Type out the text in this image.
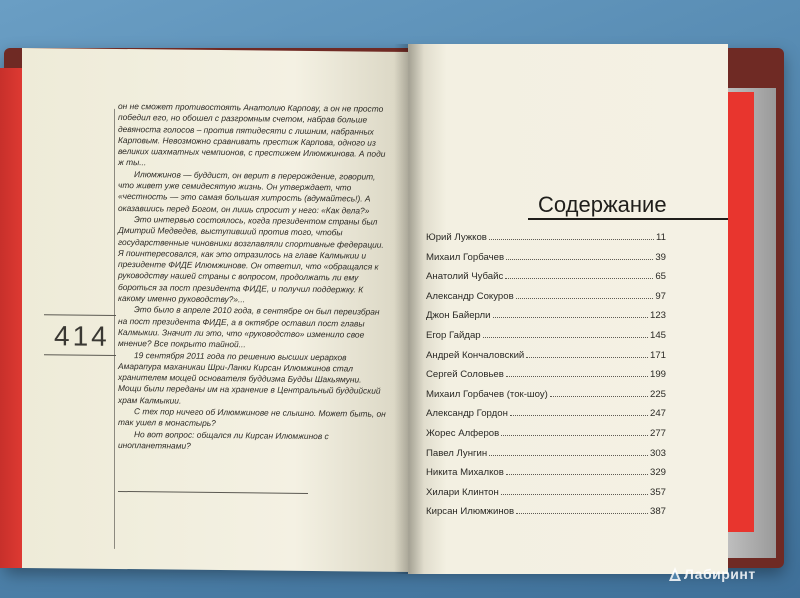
414

он не сможет противостоять Анатолию Карпову, а он не просто победил его, но обошел с разгромным счетом, набрав больше девяноста голосов – против пятидесяти с лишним, набранных Карповым. Невозможно сравнивать престиж Карпова, одного из великих шахматных чемпионов, с престижем Илюмжинова. А поди ж ты...

Илюмжинов — буддист, он верит в перерождение, говорит, что живет уже семидесятую жизнь. Он утверждает, что «честность — это самая большая хитрость (вдумайтесь!). А оказавшись перед Богом, он лишь спросит у него: «Как дела?»

Это интервью состоялось, когда президентом страны был Дмитрий Медведев, выступивший против того, чтобы государственные чиновники возглавляли спортивные федерации. Я поинтересовался, как это отразилось на главе Калмыкии и президенте ФИДЕ Илюмжинове. Он ответил, что «обращался к руководству нашей страны с вопросом, продолжать ли ему бороться за пост президента ФИДЕ, и получил поддержку. К какому именно руководству?»...

Это было в апреле 2010 года, в сентябре он был переизбран на пост президента ФИДЕ, а в октябре оставил пост главы Калмыкии. Значит ли это, что «руководство» изменило свое мнение? Все покрыто тайной...

19 сентября 2011 года по решению высших иерархов Амарапура маханикаи Шри-Ланки Кирсан Илюмжинов стал хранителем мощей основателя буддизма Будды Шакьямуни. Мощи были переданы им на хранение в Центральный буддийский храм Калмыкии.

С тех пор ничего об Илюмжинове не слышно. Может быть, он так ушел в монастырь?

Но вот вопрос: общался ли Кирсан Илюмжинов с инопланетянами?

Содержание
Юрий Лужков	11
Михаил Горбачев	39
Анатолий Чубайс	65
Александр Сокуров	97
Джон Байерли	123
Егор Гайдар	145
Андрей Кончаловский	171
Сергей Соловьев	199
Михаил Горбачев (ток-шоу)	225
Александр Гордон	247
Жорес Алферов	277
Павел Лунгин	303
Никита Михалков	329
Хилари Клинтон	357
Кирсан Илюмжинов	387
Лабиринт
